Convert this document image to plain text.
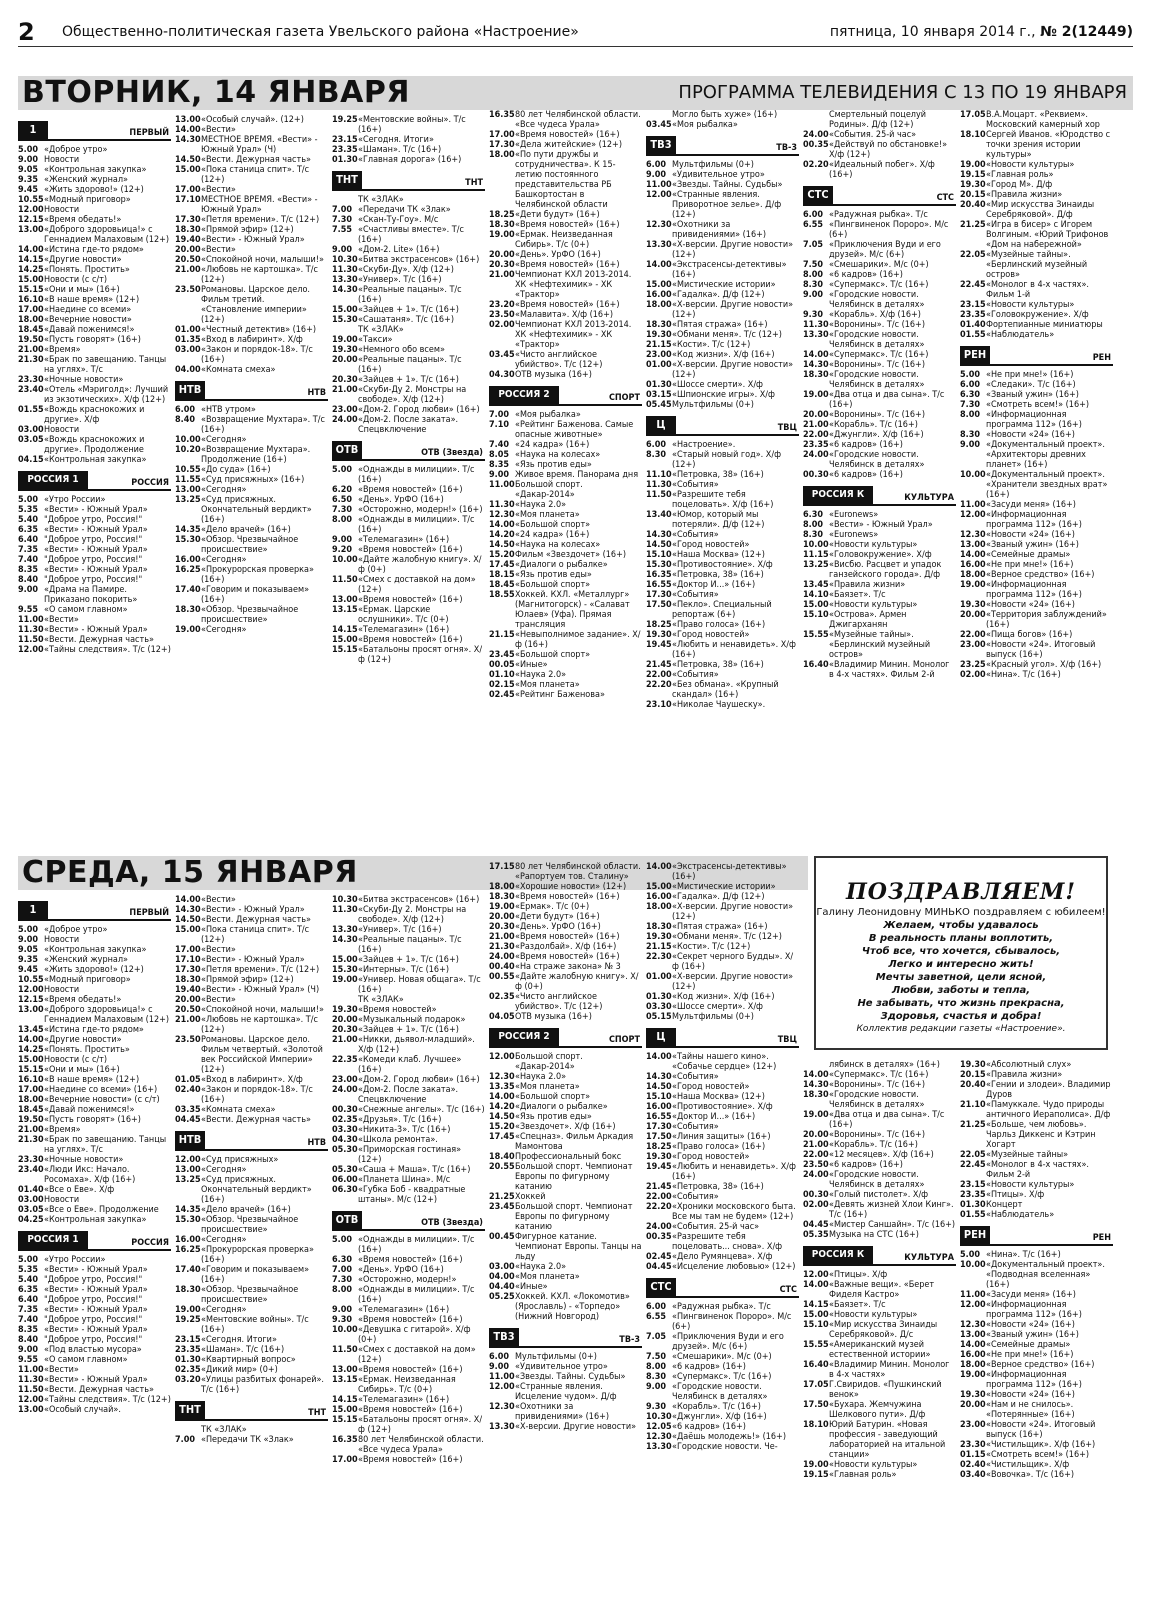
2 Общественно-политическая газета Увельского района «Настроение»	пятница, 10 января 2014 г., № 2(12449)
ВТОРНИК, 14 ЯНВАРЯ	ПРОГРАММА ТЕЛЕВИДЕНИЯ С 13 ПО 19 ЯНВАРЯ
СРЕДА, 15 ЯНВАРЯ
1	ПЕРВЫЙ
5.00 «Доброе утро»
9.00 Новости
9.05 «Контрольная закупка»
9.35 «Женский журнал»
9.45 «Жить здорово!» (12+)
10.55 «Модный приговор»
12.00 Новости
12.15 «Время обедать!»
13.00 «Доброго здоровьица!» с Геннадием Малаховым (12+)
14.00 «Истина где-то рядом»
14.15 «Другие новости»
14.25 «Понять. Простить»
15.00 Новости (с с/т)
15.15 «Они и мы» (16+)
16.10 «В наше время» (12+)
17.00 «Наедине со всеми»
18.00 «Вечерние новости»
18.45 «Давай поженимся!»
19.50 «Пусть говорят» (16+)
21.00 «Время»
21.30 «Брак по завещанию. Танцы на углях». Т/с
23.30 «Ночные новости»
23.40 «Отель «Мэриголд»: Лучший из экзотических». Х/ф (12+)
01.55 «Вождь краснокожих и другие». Х/ф
03.00 Новости
03.05 «Вождь краснокожих и другие». Продолжение
04.15 «Контрольная закупка»
РОССИЯ 1	РОССИЯ
5.00 «Утро России»
5.35 «Вести» - Южный Урал»
5.40 "Доброе утро, Россия!"
6.35 «Вести» - Южный Урал»
6.40 "Доброе утро, Россия!"
7.35 «Вести» - Южный Урал»
7.40 "Доброе утро, Россия!"
8.35 «Вести» - Южный Урал»
8.40 "Доброе утро, Россия!"
9.00 «Драма на Памире. Приказано покорить»
9.55 «О самом главном»
11.00 «Вести»
11.30 «Вести» - Южный Урал»
11.50 «Вести. Дежурная часть»
12.00 «Тайны следствия». Т/с (12+)
13.00 «Особый случай». (12+)
14.00 «Вести»
14.30 МЕСТНОЕ ВРЕМЯ. «Вести» - Южный Урал» (Ч)
14.50 «Вести. Дежурная часть»
15.00 «Пока станица спит». Т/с (12+)
17.00 «Вести»
17.10 МЕСТНОЕ ВРЕМЯ. «Вести» - Южный Урал»
17.30 «Петля времени». Т/с (12+)
18.30 «Прямой эфир» (12+)
19.40 «Вести» - Южный Урал»
20.00 «Вести»
20.50 «Спокойной ночи, малыши!»
21.00 «Любовь не картошка». Т/с (12+)
23.50 Романовы. Царское дело. Фильм третий. «Становление империи» (12+)
01.00 «Честный детектив» (16+)
01.35 «Вход в лабиринт». Х/ф
03.00 «Закон и порядок-18». Т/с (16+)
04.00 «Комната смеха»
НТВ	НТВ
6.00 «НТВ утром»
8.40 «Возвращение Мухтара». Т/с (16+)
10.00 «Сегодня»
10.20 «Возвращение Мухтара». Продолжение (16+)
10.55 «До суда» (16+)
11.55 «Суд присяжных» (16+)
13.00 «Сегодня»
13.25 «Суд присяжных. Окончательный вердикт» (16+)
14.35 «Дело врачей» (16+)
15.30 «Обзор. Чрезвычайное происшествие»
16.00 «Сегодня»
16.25 «Прокурорская проверка» (16+)
17.40 «Говорим и показываем» (16+)
18.30 «Обзор. Чрезвычайное происшествие»
19.00 «Сегодня»
19.25 «Ментовские войны». Т/с (16+)
23.15 «Сегодня. Итоги»
23.35 «Шаман». Т/с (16+)
01.30 «Главная дорога» (16+)
ТНТ	ТНТ
ТК «ЗЛАК»
7.00 «Передачи ТК «Злак»
7.30 «Скан-Ту-Гоу». М/с
7.55 «Счастливы вместе». Т/с (16+)
9.00 «Дом-2. Lite» (16+)
10.30 «Битва экстрасенсов» (16+)
11.30 «Скуби-Ду». Х/ф (12+)
13.30 «Универ». Т/с (16+)
14.30 «Реальные пацаны». Т/с (16+)
15.00 «Зайцев + 1». Т/с (16+)
15.30 «Сашатаня». Т/с (16+)
ТК «ЗЛАК»
19.00 «Такси»
19.30 «Немного обо всем»
20.00 «Реальные пацаны». Т/с (16+)
20.30 «Зайцев + 1». Т/с (16+)
21.00 «Скуби-Ду 2. Монстры на свободе». Х/ф (12+)
23.00 «Дом-2. Город любви» (16+)
24.00 «Дом-2. После заката». Спецвключение
ОТВ	ОТВ (Звезда)
5.00 «Однажды в милиции». Т/с (16+)
6.20 «Время новостей» (16+)
6.50 «День». УрФО (16+)
7.30 «Осторожно, модерн!» (16+)
8.00 «Однажды в милиции». Т/с (16+)
9.00 «Телемагазин» (16+)
9.20 «Время новостей» (16+)
10.00 «Дайте жалобную книгу». Х/ф (0+)
11.50 «Смех с доставкой на дом» (12+)
13.00 «Время новостей» (16+)
13.15 «Ермак. Царские ослушники». Т/с (0+)
14.15 «Телемагазин» (16+)
15.00 «Время новостей» (16+)
15.15 «Батальоны просят огня». Х/ф (12+)
16.35 80 лет Челябинской области. «Все чудеса Урала»
17.00 «Время новостей» (16+)
17.30 «Дела житейские» (12+)
18.00 «По пути дружбы и сотрудничества». К 15-летию постоянного представительства РБ Башкортостан в Челябинской области
18.25 «Дети будут» (16+)
18.30 «Время новостей» (16+)
19.00 «Ермак. Неизведанная Сибирь». Т/с (0+)
20.00 «День». УрФО (16+)
20.30 «Время новостей» (16+)
21.00 Чемпионат КХЛ 2013-2014. ХК «Нефтехимик» - ХК «Трактор»
23.20 «Время новостей» (16+)
23.50 «Малавита». Х/ф (16+)
02.00 Чемпионат КХЛ 2013-2014. ХК «Нефтехимик» - ХК «Трактор»
03.45 «Чисто английское убийство». Т/с (12+)
04.30 ОТВ музыка (16+)
РОССИЯ 2	СПОРТ
7.00 «Моя рыбалка»
7.10 «Рейтинг Баженова. Самые опасные животные»
7.40 «24 кадра» (16+)
8.05 «Наука на колесах»
8.35 «Язь против еды»
9.00 Живое время. Панорама дня
11.00 Большой спорт. «Дакар-2014»
11.30 «Наука 2.0»
12.30 «Моя планета»
14.00 «Большой спорт»
14.20 «24 кадра» (16+)
14.50 «Наука на колесах»
15.20 Фильм «Звездочет» (16+)
17.45 «Диалоги о рыбалке»
18.15 «Язь против еды»
18.45 «Большой спорт»
18.55 Хоккей. КХЛ. «Металлург» (Магнитогорск) - «Салават Юлаев» (Уфа). Прямая трансляция
21.15 «Невыполнимое задание». Х/ф (16+)
23.45 «Большой спорт»
00.05 «Иные»
01.10 «Наука 2.0»
02.15 «Моя планета»
02.45 «Рейтинг Баженова»
Могло быть хуже» (16+)
03.45 «Моя рыбалка»
ТВ3	ТВ-3
6.00 Мультфильмы (0+)
9.00 «Удивительное утро»
11.00 «Звезды. Тайны. Судьбы»
12.00 «Странные явления. Приворотное зелье». Д/ф (12+)
12.30 «Охотники за привидениями» (16+)
13.30 «Х-версии. Другие новости» (12+)
14.00 «Экстрасенсы-детективы» (16+)
15.00 «Мистические истории»
16.00 «Гадалка». Д/ф (12+)
18.00 «Х-версии. Другие новости» (12+)
18.30 «Пятая стража» (16+)
19.30 «Обмани меня». Т/с (12+)
21.15 «Кости». Т/с (12+)
23.00 «Код жизни». Х/ф (16+)
01.00 «Х-версии. Другие новости» (12+)
01.30 «Шоссе смерти». Х/ф
03.15 «Шпионские игры». Х/ф
05.45 Мультфильмы (0+)
Ц	ТВЦ
6.00 «Настроение».
8.30 «Старый новый год». Х/ф (12+)
11.10 «Петровка, 38» (16+)
11.30 «События»
11.50 «Разрешите тебя поцеловать». Х/ф (16+)
13.40 «Юмор, который мы потеряли». Д/ф (12+)
14.30 «События»
14.50 «Город новостей»
15.10 «Наша Москва» (12+)
15.30 «Противостояние». Х/ф
16.35 «Петровка, 38» (16+)
16.55 «Доктор И...» (16+)
17.30 «События»
17.50 «Пекло». Специальный репортаж (6+)
18.25 «Право голоса» (16+)
19.30 «Город новостей»
19.45 «Любить и ненавидеть». Х/ф (16+)
21.45 «Петровка, 38» (16+)
22.00 «События»
22.20 «Без обмана». «Крупный скандал» (16+)
23.10 «Николае Чаушеску».
Смертельный поцелуй Родины». Д/ф (12+)
24.00 «События. 25-й час»
00.35 «Действуй по обстановке!» Х/ф (12+)
02.20 «Идеальный побег». Х/ф (16+)
СТС	СТС
6.00 «Радужная рыбка». Т/с
6.55 «Пингвиненок Пороро». М/с (6+)
7.05 «Приключения Вуди и его друзей». М/с (6+)
7.50 «Смешарики». М/с (0+)
8.00 «6 кадров» (16+)
8.30 «Супермакс». Т/с (16+)
9.00 «Городские новости. Челябинск в деталях»
9.30 «Корабль». Х/ф (16+)
11.30 «Воронины». Т/с (16+)
13.30 «Городские новости. Челябинск в деталях»
14.00 «Супермакс». Т/с (16+)
14.30 «Воронины». Т/с (16+)
18.30 «Городские новости. Челябинск в деталях»
19.00 «Два отца и два сына». Т/с (16+)
20.00 «Воронины». Т/с (16+)
21.00 «Корабль». Т/с (16+)
22.00 «Джунгли». Х/ф (16+)
23.35 «6 кадров» (16+)
24.00 «Городские новости. Челябинск в деталях»
00.30 «6 кадров» (16+)
РОССИЯ К	КУЛЬТУРА
6.30 «Euronews»
8.00 «Вести» - Южный Урал»
8.30 «Euronews»
10.00 «Новости культуры»
11.15 «Головокружение». Х/ф
13.25 «Висбю. Расцвет и упадок ганзейского города». Д/ф
13.45 «Правила жизни»
14.10 «Баязет». Т/с
15.00 «Новости культуры»
15.10 «Острова». Армен Джигарханян
15.55 «Музейные тайны». «Берлинский музейный остров»
16.40 «Владимир Минин. Монолог в 4-х частях». Фильм 2-й
17.05 В.А.Моцарт. «Реквием». Московский камерный хор
18.10 Сергей Иванов. «Юродство с точки зрения истории культуры»
19.00 «Новости культуры»
19.15 «Главная роль»
19.30 «Город М». Д/ф
20.15 «Правила жизни»
20.40 «Мир искусства Зинаиды Серебряковой». Д/ф
21.25 «Игра в бисер» с Игорем Волгиным. «Юрий Трифонов «Дом на набережной»
22.05 «Музейные тайны». «Берлинский музейный остров»
22.45 «Монолог в 4-х частях». Фильм 1-й
23.15 «Новости культуры»
23.35 «Головокружение». Х/ф
01.40 Фортепианные миниатюры
01.55 «Наблюдатель»
РЕН	РЕН
5.00 «Не при мне!» (16+)
6.00 «Следаки». Т/с (16+)
6.30 «Звaный ужин» (16+)
7.30 «Смотреть всем!» (16+)
8.00 «Информационная программа 112» (16+)
8.30 «Новости «24» (16+)
9.00 «Документальный проект». «Архитекторы древних планет» (16+)
10.00 «Документальный проект». «Хранители звездных врат» (16+)
11.00 «Засуди меня» (16+)
12.00 «Информационная программа 112» (16+)
12.30 «Новости «24» (16+)
13.00 «Званый ужин» (16+)
14.00 «Семейные драмы»
16.00 «Не при мне!» (16+)
18.00 «Верное средство» (16+)
19.00 «Информационная программа 112» (16+)
19.30 «Новости «24» (16+)
20.00 «Территория заблуждений» (16+)
22.00 «Пища богов» (16+)
23.00 «Новости «24». Итоговый выпуск (16+)
23.25 «Красный угол». Х/ф (16+)
02.00 «Нина». Т/с (16+)
1	ПЕРВЫЙ
5.00 «Доброе утро»
9.00 Новости
9.05 «Контрольная закупка»
9.35 «Женский журнал»
9.45 «Жить здорово!» (12+)
10.55 «Модный приговор»
12.00 Новости
12.15 «Время обедать!»
13.00 «Доброго здоровьица!» с Геннадием Малаховым (12+)
13.45 «Истина где-то рядом»
14.00 «Другие новости»
14.25 «Понять. Простить»
15.00 Новости (с с/т)
15.15 «Они и мы» (16+)
16.10 «В наше время» (12+)
17.00 «Наедине со всеми» (16+)
18.00 «Вечерние новости» (с с/т)
18.45 «Давай поженимся!»
19.50 «Пусть говорят» (16+)
21.00 «Время»
21.30 «Брак по завещанию. Танцы на углях». Т/с
23.30 «Ночные новости»
23.40 «Люди Икс: Начало. Росомаха». Х/ф (16+)
01.40 «Все о Еве». Х/ф
03.00 Новости
03.05 «Все о Еве». Продолжение
04.25 «Контрольная закупка»
РОССИЯ 1	РОССИЯ
5.00 «Утро России»
5.35 «Вести» - Южный Урал»
5.40 "Доброе утро, Россия!"
6.35 «Вести» - Южный Урал»
6.40 "Доброе утро, Россия!"
7.35 «Вести» - Южный Урал»
7.40 "Доброе утро, Россия!"
8.35 «Вести» - Южный Урал»
8.40 "Доброе утро, Россия!"
9.00 «Под властью мусора»
9.55 «О самом главном»
11.00 «Вести»
11.30 «Вести» - Южный Урал»
11.50 «Вести. Дежурная часть»
12.00 «Тайны следствия». Т/с (12+)
13.00 «Особый случай».
14.00 «Вести»
14.30 «Вести» - Южный Урал»
14.50 «Вести. Дежурная часть»
15.00 «Пока станица спит». Т/с (12+)
17.00 «Вести»
17.10 «Вести» - Южный Урал»
17.30 «Петля времени». Т/с (12+)
18.30 «Прямой эфир» (12+)
19.40 «Вести» - Южный Урал» (Ч)
20.00 «Вести»
20.50 «Спокойной ночи, малыши!»
21.00 «Любовь не картошка». Т/с (12+)
23.50 Романовы. Царское дело. Фильм четвертый. «Золотой век Российской Империи» (12+)
01.05 «Вход в лабиринт». Х/ф
02.40 «Закон и порядок-18». Т/с (16+)
03.35 «Комната смеха»
04.45 «Вести. Дежурная часть»
НТВ	НТВ
12.00 «Суд присяжных»
13.00 «Сегодня»
13.25 «Суд присяжных. Окончательный вердикт» (16+)
14.35 «Дело врачей» (16+)
15.30 «Обзор. Чрезвычайное происшествие»
16.00 «Сегодня»
16.25 «Прокурорская проверка» (16+)
17.40 «Говорим и показываем» (16+)
18.30 «Обзор. Чрезвычайное происшествие»
19.00 «Сегодня»
19.25 «Ментовские войны». Т/с (16+)
23.15 «Сегодня. Итоги»
23.35 «Шаман». Т/с (16+)
01.30 «Квартирный вопрос»
02.35 «Дикий мир» (0+)
03.20 «Улицы разбитых фонарей». Т/с (16+)
ТНТ	ТНТ
ТК «ЗЛАК»
7.00 «Передачи ТК «Злак»
10.30 «Битва экстрасенсов» (16+)
11.30 «Скуби-Ду 2. Монстры на свободе». Х/ф (12+)
13.30 «Универ». Т/с (16+)
14.30 «Реальные пацаны». Т/с (16+)
15.00 «Зайцев + 1». Т/с (16+)
15.30 «Интерны». Т/с (16+)
19.00 «Универ. Новая общага». Т/с (16+)
ТК «ЗЛАК»
19.30 «Время новостей»
20.00 «Музыкальный подарок»
20.30 «Зайцев + 1». Т/с (16+)
21.00 «Никки, дьявол-младший». Х/ф (12+)
22.35 «Комеди клаб. Лучшее» (16+)
23.00 «Дом-2. Город любви» (16+)
24.00 «Дом-2. После заката». Спецвключение
00.30 «Снежные ангелы». Т/с (16+)
02.35 «Друзья». Т/с (16+)
03.30 «Никита-3». Т/с (16+)
04.30 «Школа ремонта».
05.30 «Приморская гостиная» (12+)
05.30 «Саша + Маша». Т/с (16+)
06.00 «Планета Шина». М/с
06.30 «Губка Боб - квадратные штаны». М/с (12+)
ОТВ	ОТВ (Звезда)
5.00 «Однажды в милиции». Т/с (16+)
6.30 «Время новостей» (16+)
7.00 «День». УрФО (16+)
7.30 «Осторожно, модерн!»
8.00 «Однажды в милиции». Т/с (16+)
9.00 «Телемагазин» (16+)
9.30 «Время новостей» (16+)
10.00 «Девушка с гитарой». Х/ф (0+)
11.50 «Смех с доставкой на дом» (12+)
13.00 «Время новостей» (16+)
13.15 «Ермак. Неизведанная Сибирь». Т/с (0+)
14.15 «Телемагазин» (16+)
15.00 «Время новостей» (16+)
15.15 «Батальоны просят огня». Х/ф (12+)
16.35 80 лет Челябинской области. «Все чудеса Урала»
17.00 «Время новостей» (16+)
17.15 80 лет Челябинской области. «Рапортуем тов. Сталину»
18.00 «Хорошие новости» (12+)
18.30 «Время новостей» (16+)
19.00 «Ермак». Т/с (0+)
20.00 «Дети будут» (16+)
20.30 «День». УрФО (16+)
21.00 «Время новостей» (16+)
21.30 «Раздолбай». Х/ф (16+)
24.00 «Время новостей» (16+)
00.40 «На страже закона» № 3
00.55 «Дайте жалобную книгу». Х/ф (0+)
02.35 «Чисто английское убийство». Т/с (12+)
04.05 ОТВ музыка (16+)
РОССИЯ 2	СПОРТ
12.00 Большой спорт. «Дакар-2014»
12.30 «Наука 2.0»
13.35 «Моя планета»
14.00 «Большой спорт»
14.20 «Диалоги о рыбалке»
14.50 «Язь против еды»
15.20 «Звездочет». Х/ф (16+)
17.45 «Спецназ». Фильм Аркадия Мамонтова
18.40 Профессиональный бокс
20.55 Большой спорт. Чемпионат Европы по фигурному катанию
21.25 Хоккей
23.45 Большой спорт. Чемпионат Европы по фигурному катанию
00.45 Фигурное катание. Чемпионат Европы. Танцы на льду
03.00 «Наука 2.0»
04.00 «Моя планета»
04.40 «Иные»
05.25 Хоккей. КХЛ. «Локомотив» (Ярославль) - «Торпедо» (Нижний Новгород)
ТВ3	ТВ-3
6.00 Мультфильмы (0+)
9.00 «Удивительное утро»
11.00 «Звезды. Тайны. Судьбы»
12.00 «Странные явления. Исцеление чудом». Д/ф
12.30 «Охотники за привидениями» (16+)
13.30 «Х-версии. Другие новости»
14.00 «Экстрасенсы-детективы» (16+)
15.00 «Мистические истории»
16.00 «Гадалка». Д/ф (12+)
18.00 «Х-версии. Другие новости» (12+)
18.30 «Пятая стража» (16+)
19.30 «Обмани меня». Т/с (12+)
21.15 «Кости». Т/с (12+)
22.30 «Секрет черного Будды». Х/ф (16+)
01.00 «Х-версии. Другие новости» (12+)
01.30 «Код жизни». Х/ф (16+)
03.30 «Шоссе смерти». Х/ф
05.15 Мультфильмы (0+)
Ц	ТВЦ
14.00 «Тайны нашего кино». «Собачье сердце» (12+)
14.30 «События»
14.50 «Город новостей»
15.10 «Наша Москва» (12+)
16.00 «Противостояние». Х/ф
16.55 «Доктор И...» (16+)
17.30 «События»
17.50 «Линия защиты» (16+)
18.25 «Право голоса» (16+)
19.30 «Город новостей»
19.45 «Любить и ненавидеть». Х/ф (16+)
21.45 «Петровка, 38» (16+)
22.00 «События»
22.20 «Хроники московского быта. Все мы там не будем» (12+)
24.00 «События. 25-й час»
00.35 «Разрешите тебя поцеловать... снова». Х/ф
02.45 «Дело Румянцева». Х/ф
04.45 «Исцеление любовью» (12+)
СТС	СТС
6.00 «Радужная рыбка». Т/с
6.55 «Пингвиненок Пороро». М/с (6+)
7.05 «Приключения Вуди и его друзей». М/с (6+)
7.50 «Смешарики». М/с (0+)
8.00 «6 кадров» (16+)
8.30 «Супермакс». Т/с (16+)
9.00 «Городские новости. Челябинск в деталях»
9.30 «Корабль». Т/с (16+)
10.30 «Джунгли». Х/ф (16+)
12.05 «6 кадров» (16+)
12.30 «Даёшь молодежь!» (16+)
13.30 «Городские новости. Че-
лябинск в деталях» (16+)
14.00 «Супермакс». Т/с (16+)
14.30 «Воронины». Т/с (16+)
18.30 «Городские новости. Челябинск в деталях»
19.00 «Два отца и два сына». Т/с (16+)
20.00 «Воронины». Т/с (16+)
21.00 «Корабль». Т/с (16+)
22.00 «12 месяцев». Х/ф (16+)
23.50 «6 кадров» (16+)
24.00 «Городские новости. Челябинск в деталях»
00.30 «Голый пистолет». Х/ф
02.00 «Девять жизней Хлои Кинг». Т/с (16+)
04.45 «Мистер Саншайн». Т/с (16+)
05.35 Музыка на СТС (16+)
РОССИЯ К	КУЛЬТУРА
12.00 «Птицы». Х/ф
14.00 «Важные вещи». «Берет Фиделя Кастро»
14.15 «Баязет». Т/с
15.00 «Новости культуры»
15.10 «Мир искусства Зинаиды Серебряковой». Д/с
15.55 «Американский музей естественной истории»
16.40 «Владимир Минин. Монолог в 4-х частях»
17.05 Г.Свиридов. «Пушкинский венок»
17.50 «Бухара. Жемчужина Шелкового пути». Д/ф
18.10 Юрий Батурин. «Новая профессия - заведующий лабораторией на итальной станции»
19.00 «Новости культуры»
19.15 «Главная роль»
19.30 «Абсолютный слух»
20.15 «Правила жизни»
20.40 «Гении и злодеи». Владимир Дуров
21.10 «Памуккале. Чудо природы античного Иераполиса». Д/ф
21.25 «Больше, чем любовь». Чарльз Диккенс и Кэтрин Хогарт
22.05 «Музейные тайны»
22.45 «Монолог в 4-х частях». Фильм 2-й
23.15 «Новости культуры»
23.35 «Птицы». Х/ф
01.30 Концерт
01.55 «Наблюдатель»
РЕН	РЕН
5.00 «Нина». Т/с (16+)
10.00 «Документальный проект». «Подводная вселенная» (16+)
11.00 «Засуди меня» (16+)
12.00 «Информационная программа 112» (16+)
12.30 «Новости «24» (16+)
13.00 «Званый ужин» (16+)
14.00 «Семейные драмы»
16.00 «Не при мне!» (16+)
18.00 «Верное средство» (16+)
19.00 «Информационная программа 112» (16+)
19.30 «Новости «24» (16+)
20.00 «Нам и не снилось». «Потерянные» (16+)
23.00 «Новости «24». Итоговый выпуск (16+)
23.30 «Чистильщик». Х/ф (16+)
01.15 «Смотреть всем!» (16+)
02.40 «Чистильщик». Х/ф
03.40 «Вовочка». Т/с (16+)
ПОЗДРАВЛЯЕМ!
Галину Леонидовну МИНЬКО поздравляем с юбилеем!
Желаем, чтобы удавалось
В реальность планы воплотить,
Чтоб все, что хочется, сбывалось,
Легко и интересно жить!
Мечты заветной, цели ясной,
Любви, заботы и тепла,
Не забывать, что жизнь прекрасна,
Здоровья, счастья и добра!
Коллектив редакции газеты «Настроение».
